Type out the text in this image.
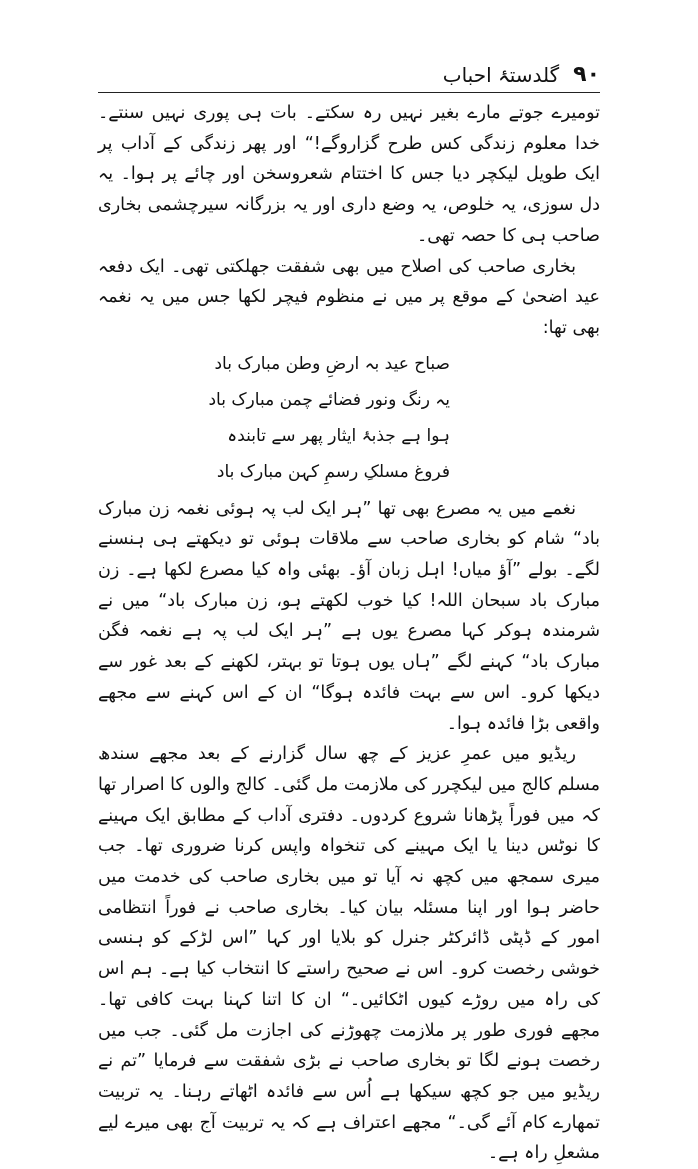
۹۰
گلدستۂ احباب

تومیرے جوتے مارے بغیر نہیں رہ سکتے۔ بات ہی پوری نہیں سنتے۔ خدا معلوم زندگی کس طرح گزاروگے!“ اور پھر زندگی کے آداب پر ایک طویل لیکچر دیا جس کا اختتام شعروسخن اور چائے پر ہوا۔ یہ دل سوزی، یہ خلوص، یہ وضع داری اور یہ بزرگانہ سیرچشمی بخاری صاحب ہی کا حصہ تھی۔

بخاری صاحب کی اصلاح میں بھی شفقت جھلکتی تھی۔ ایک دفعہ عید اضحیٰ کے موقع پر میں نے منظوم فیچر لکھا جس میں یہ نغمہ بھی تھا:

صباح عید بہ ارضِ وطن مبارک باد
یہ رنگ ونور فضائے چمن مبارک باد
ہوا ہے جذبۂ ایثار پھر سے تابندہ
فروغ مسلکِ رسمِ کہن مبارک باد

نغمے میں یہ مصرع بھی تھا ”ہر ایک لب پہ ہوئی نغمہ زن مبارک باد“ شام کو بخاری صاحب سے ملاقات ہوئی تو دیکھتے ہی ہنسنے لگے۔ بولے ”آؤ میاں! اہل زبان آؤ۔ بھئی واہ کیا مصرع لکھا ہے۔ زن مبارک باد سبحان اللہ! کیا خوب لکھتے ہو، زن مبارک باد“ میں نے شرمندہ ہوکر کہا مصرع یوں ہے ”ہر ایک لب پہ ہے نغمہ فگن مبارک باد“ کہنے لگے ”ہاں یوں ہوتا تو بہتر، لکھنے کے بعد غور سے دیکھا کرو۔ اس سے بہت فائدہ ہوگا“ ان کے اس کہنے سے مجھے واقعی بڑا فائدہ ہوا۔

ریڈیو میں عمرِ عزیز کے چھ سال گزارنے کے بعد مجھے سندھ مسلم کالج میں لیکچرر کی ملازمت مل گئی۔ کالج والوں کا اصرار تھا کہ میں فوراً پڑھانا شروع کردوں۔ دفتری آداب کے مطابق ایک مہینے کا نوٹس دینا یا ایک مہینے کی تنخواہ واپس کرنا ضروری تھا۔ جب میری سمجھ میں کچھ نہ آیا تو میں بخاری صاحب کی خدمت میں حاضر ہوا اور اپنا مسئلہ بیان کیا۔ بخاری صاحب نے فوراً انتظامی امور کے ڈپٹی ڈائرکٹر جنرل کو بلایا اور کہا ”اس لڑکے کو ہنسی خوشی رخصت کرو۔ اس نے صحیح راستے کا انتخاب کیا ہے۔ ہم اس کی راہ میں روڑے کیوں اٹکائیں۔“ ان کا اتنا کہنا بہت کافی تھا۔ مجھے فوری طور پر ملازمت چھوڑنے کی اجازت مل گئی۔ جب میں رخصت ہونے لگا تو بخاری صاحب نے بڑی شفقت سے فرمایا ”تم نے ریڈیو میں جو کچھ سیکھا ہے اُس سے فائدہ اٹھاتے رہنا۔ یہ تربیت تمھارے کام آئے گی۔“ مجھے اعتراف ہے کہ یہ تربیت آج بھی میرے لیے مشعلِ راہ ہے۔
